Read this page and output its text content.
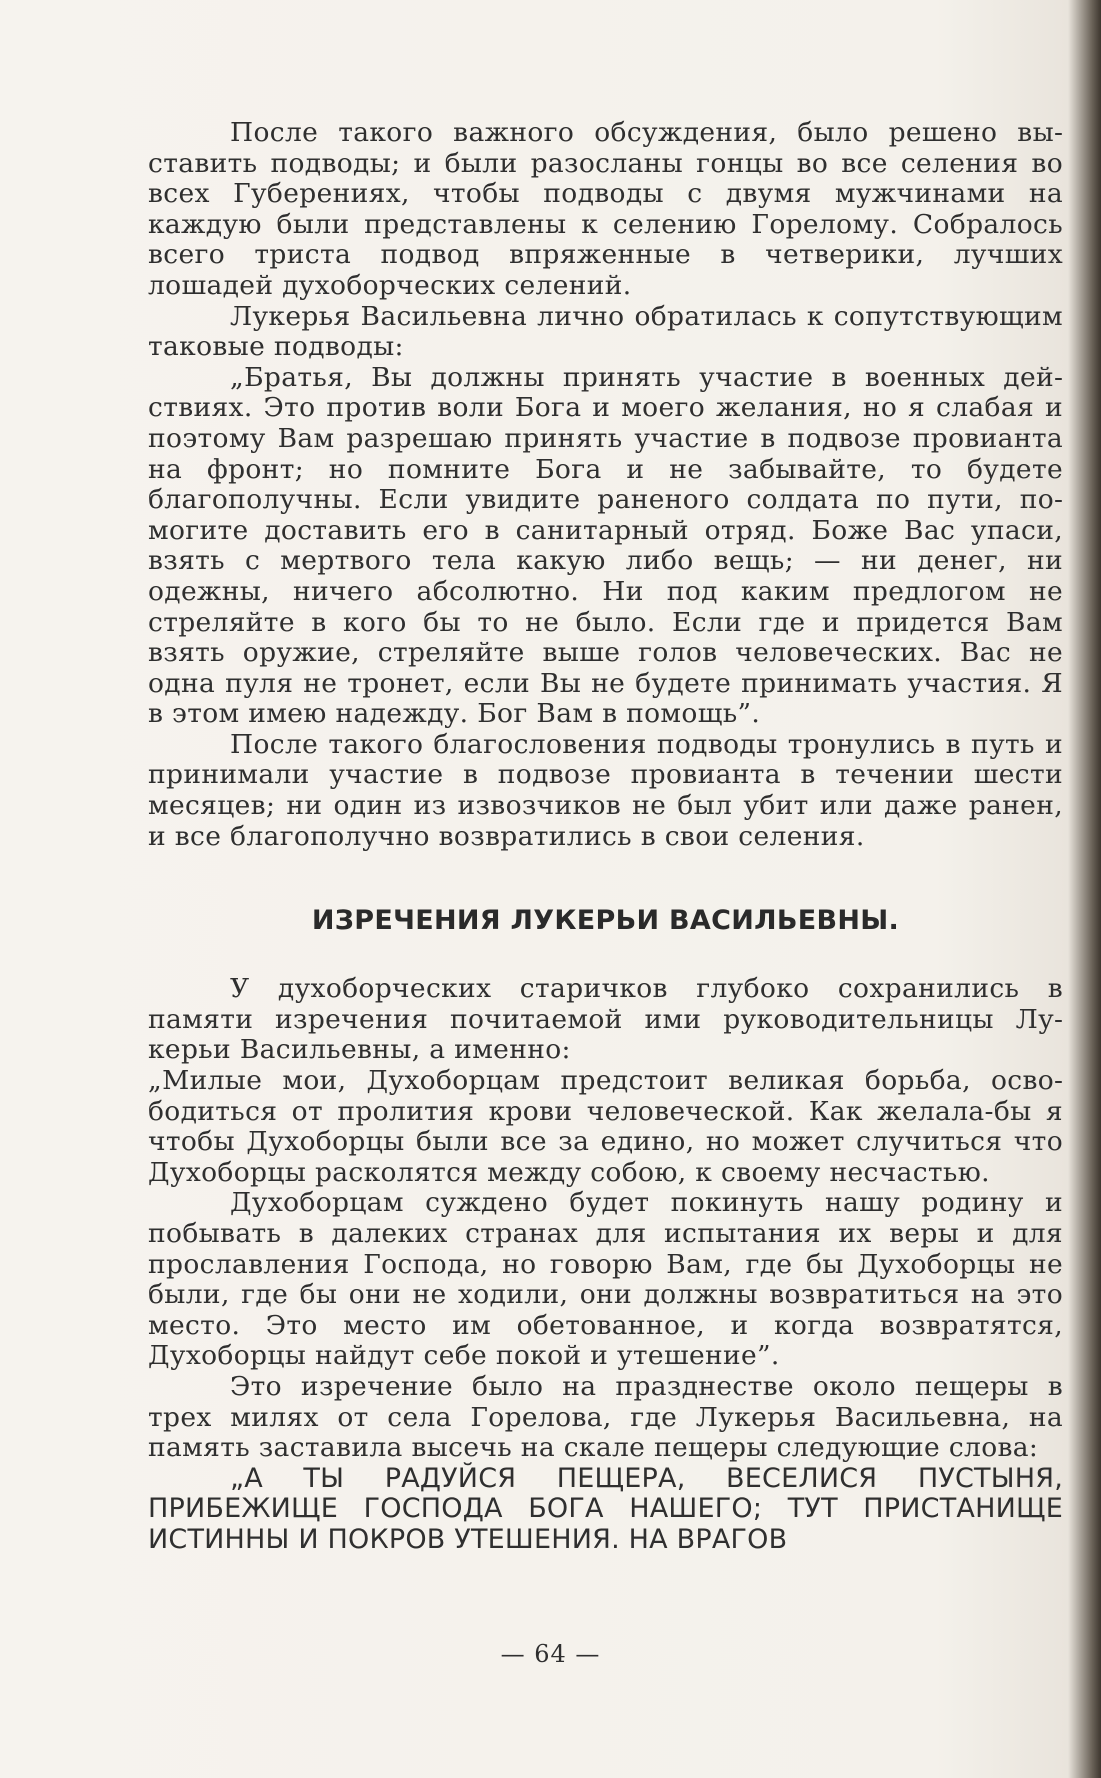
После такого важного обсуждения, было решено выставить подводы; и были разосланы гонцы во все селения во всех Губерениях, чтобы подводы с двумя мужчинами на каждую были представлены к селению Горелому. Собралось всего триста подвод впряженные в четверики, лучших лошадей духоборческих селений.

Лукерья Васильевна лично обратилась к сопутствующим таковые подводы:

„Братья, Вы должны принять участие в военных действиях. Это против воли Бога и моего желания, но я слабая и поэтому Вам разрешаю принять участие в подвозе провианта на фронт; но помните Бога и не забывайте, то будете благополучны. Если увидите раненого солдата по пути, помогите доставить его в санитарный отряд. Боже Вас упаси, взять с мертвого тела какую либо вещь; — ни денег, ни одежны, ничего абсолютно. Ни под каким предлогом не стреляйте в кого бы то не было. Если где и придется Вам взять оружие, стреляйте выше голов человеческих. Вас не одна пуля не тронет, если Вы не будете принимать участия. Я в этом имею надежду. Бог Вам в помощь”.

После такого благословения подводы тронулись в путь и принимали участие в подвозе провианта в течении шести месяцев; ни один из извозчиков не был убит или даже ранен, и все благополучно возвратились в свои селения.

ИЗРЕЧЕНИЯ ЛУКЕРЬИ ВАСИЛЬЕВНЫ.

У духоборческих старичков глубоко сохранились в памяти изречения почитаемой ими руководительницы Лукерьи Васильевны, а именно:

„Милые мои, Духоборцам предстоит великая борьба, освободиться от пролития крови человеческой. Как желала-бы я чтобы Духоборцы были все за едино, но может случиться что Духоборцы расколятся между собою, к своему несчастью.

Духоборцам суждено будет покинуть нашу родину и побывать в далеких странах для испытания их веры и для прославления Господа, но говорю Вам, где бы Духоборцы не были, где бы они не ходили, они должны возвратиться на это место. Это место им обетованное, и когда возвратятся, Духоборцы найдут себе покой и утешение”.

Это изречение было на празднестве около пещеры в трех милях от села Горелова, где Лукерья Васильевна, на память заставила высечь на скале пещеры следующие слова:

„А ТЫ РАДУЙСЯ ПЕЩЕРА, ВЕСЕЛИСЯ ПУСТЫНЯ, ПРИБЕЖИЩЕ ГОСПОДА БОГА НАШЕГО; ТУТ ПРИСТАНИЩЕ ИСТИННЫ И ПОКРОВ УТЕШЕНИЯ. НА ВРАГОВ

— 64 —
